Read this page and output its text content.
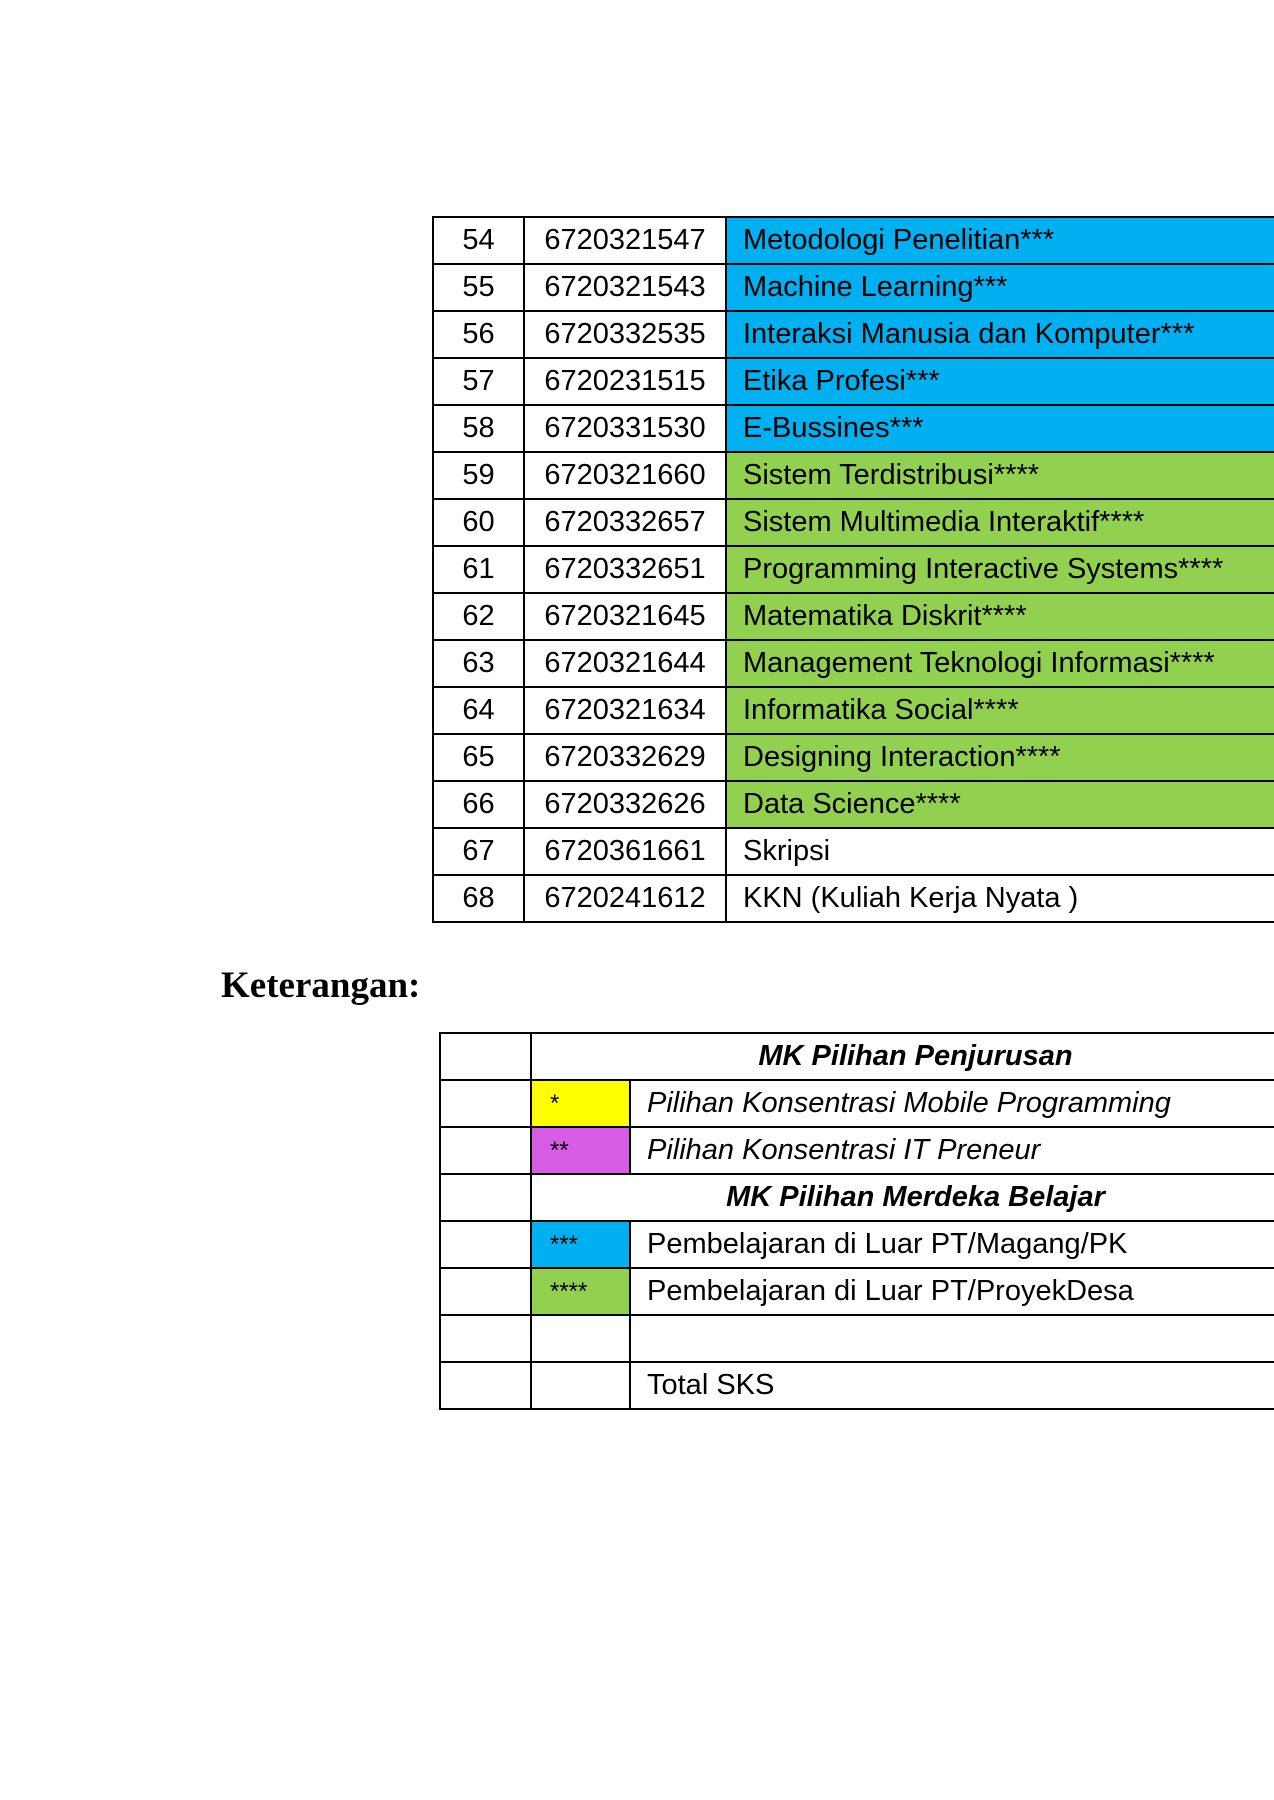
54	6720321547	Metodologi Penelitian***
55	6720321543	Machine Learning***
56	6720332535	Interaksi Manusia dan Komputer***
57	6720231515	Etika Profesi***
58	6720331530	E-Bussines***
59	6720321660	Sistem Terdistribusi****
60	6720332657	Sistem Multimedia Interaktif****
61	6720332651	Programming Interactive Systems****
62	6720321645	Matematika Diskrit****
63	6720321644	Management Teknologi Informasi****
64	6720321634	Informatika Social****
65	6720332629	Designing Interaction****
66	6720332626	Data Science****
67	6720361661	Skripsi
68	6720241612	KKN (Kuliah Kerja Nyata )
Keterangan:
	MK Pilihan Penjurusan	
	*	Pilihan Konsentrasi Mobile Programming
	**	Pilihan Konsentrasi IT Preneur
	MK Pilihan Merdeka Belajar	
	***	Pembelajaran di Luar PT/Magang/PK
	****	Pembelajaran di Luar PT/ProyekDesa

		Total SKS
